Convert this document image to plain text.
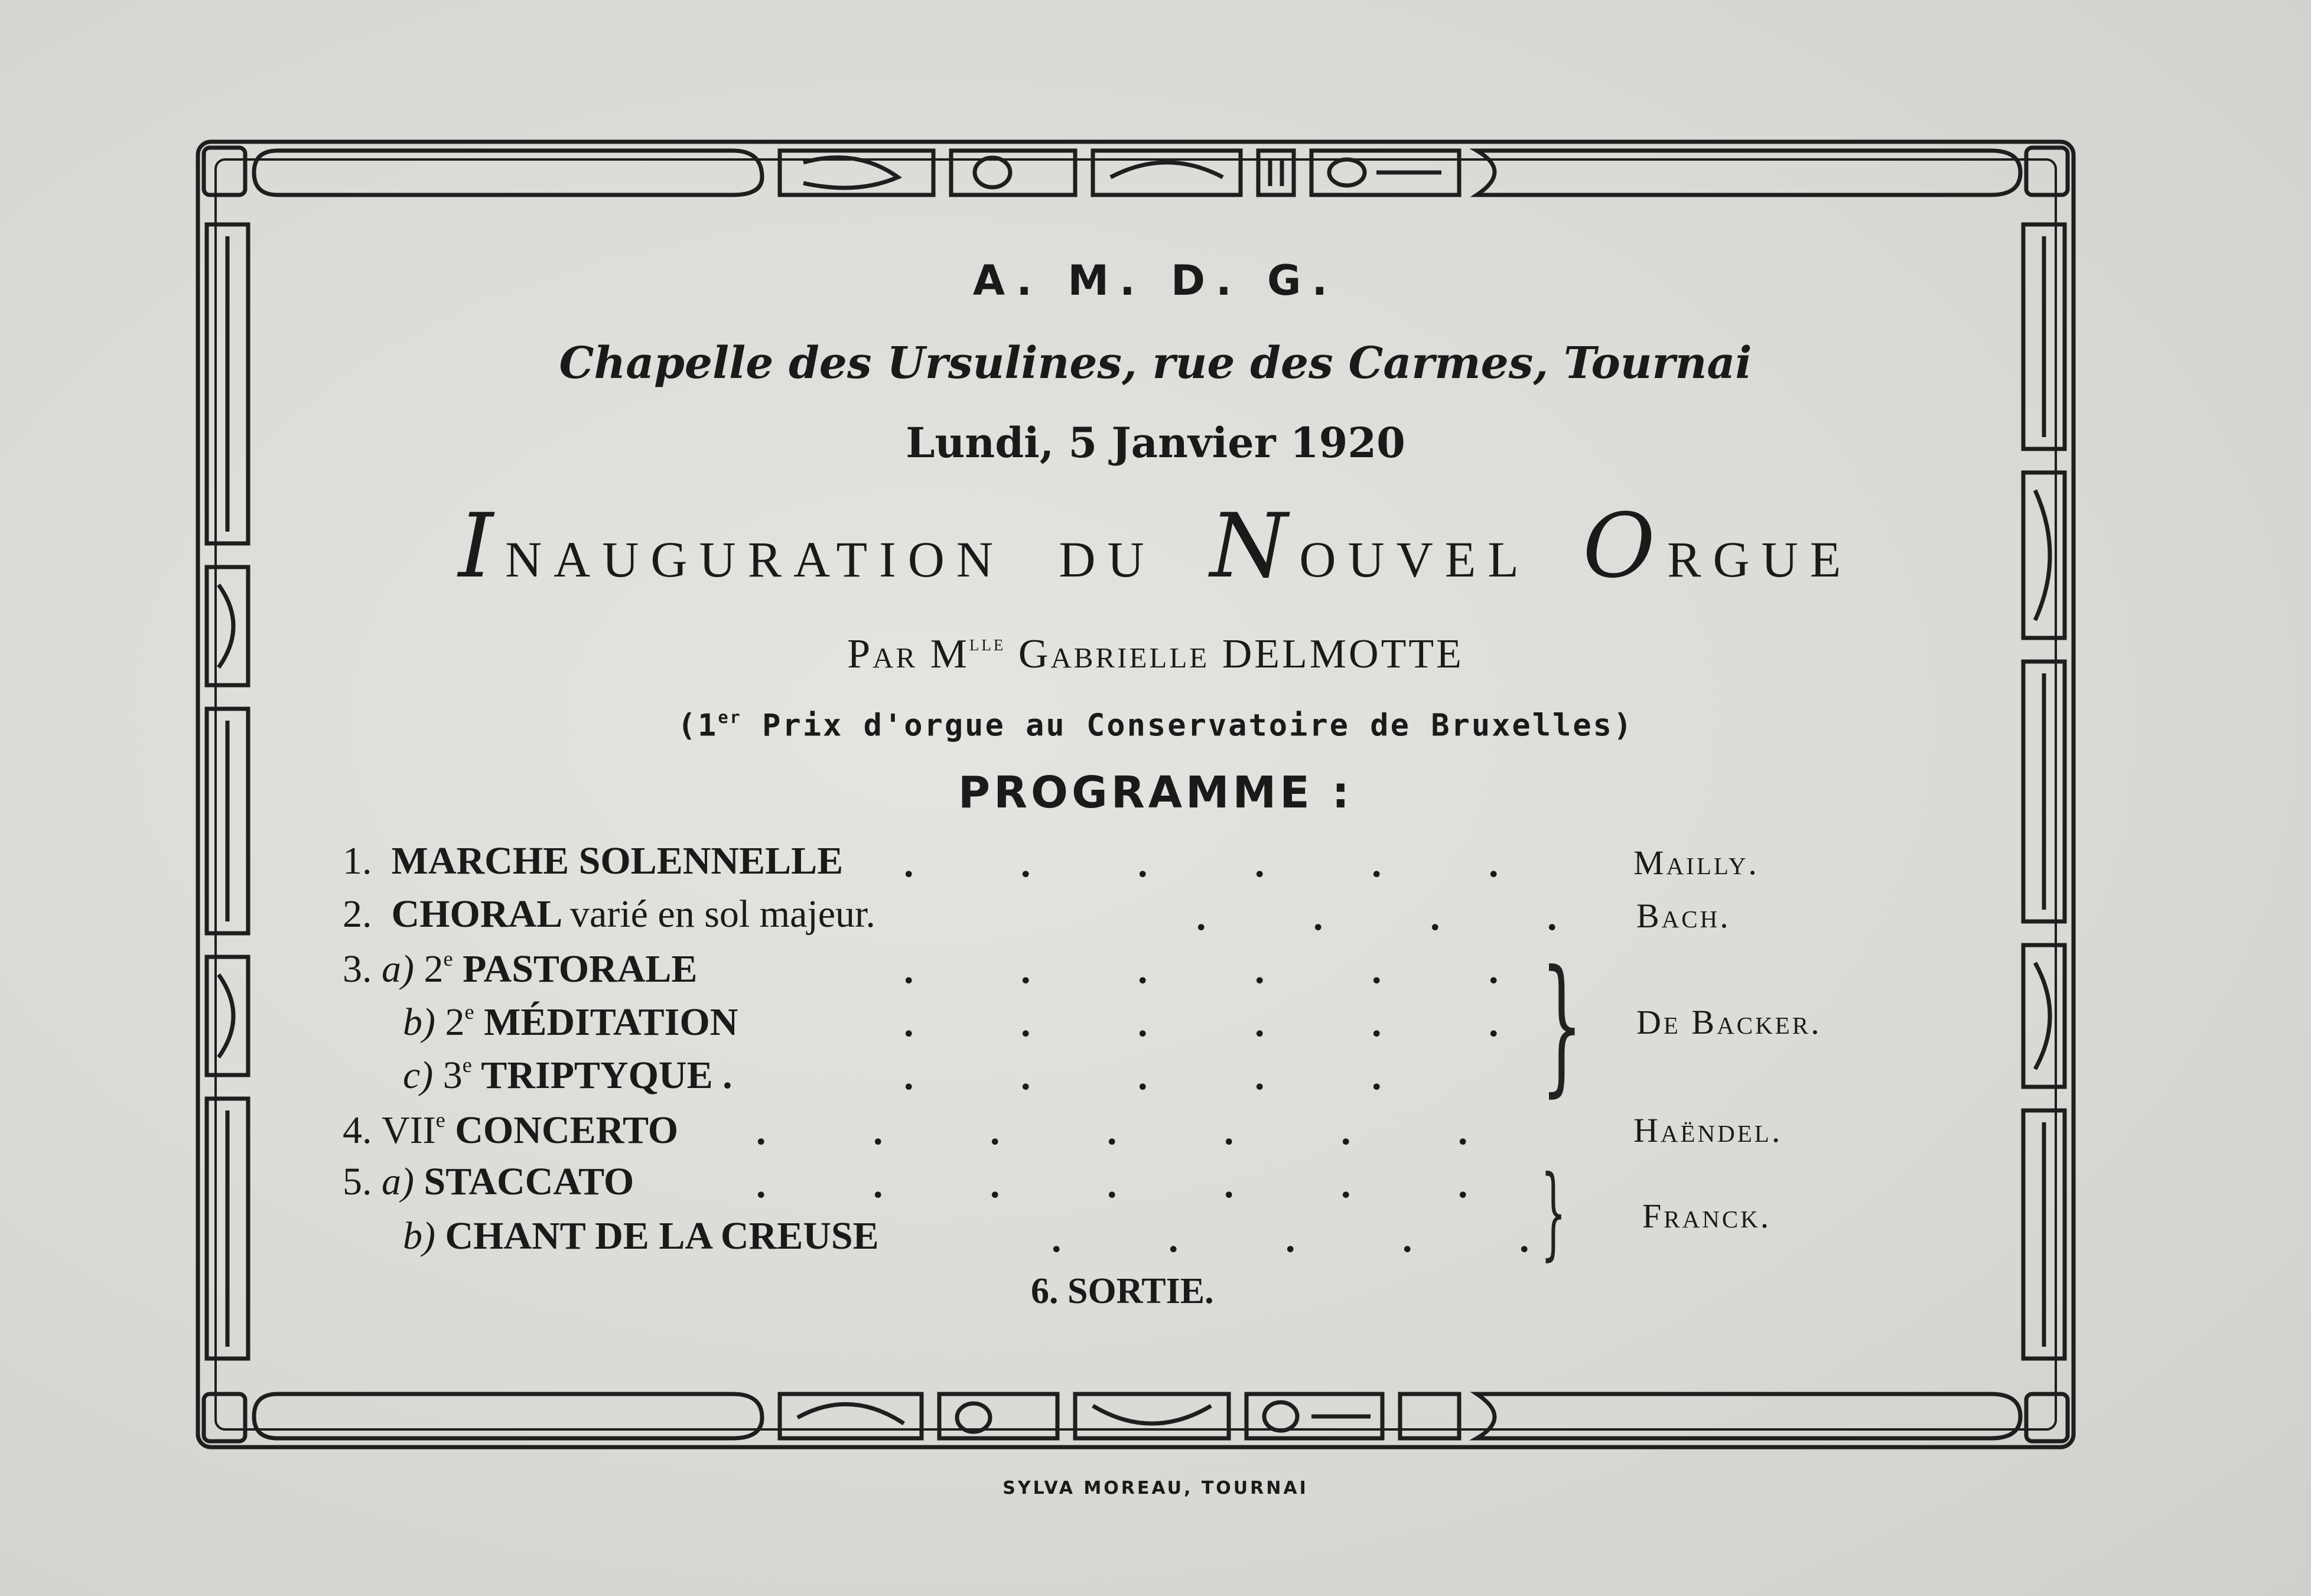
A. M. D. G.
Chapelle des Ursulines, rue des Carmes, Tournai
Lundi, 5 Janvier 1920
INAUGURATION DU NOUVEL ORGUE
Par $M^{lle}$ Gabrielle DELMOTTE
(1er Prix d'orgue au Conservatoire de Bruxelles)
PROGRAMME :
1. MARCHE SOLENNELLE .           .           .           .           .           .	Mailly.
2. CHORAL varié en sol majeur.	.           .           .           . Bach.
3. a) 2e PASTORALE	.           .           .           .           .           .
b) 2e MÉDITATION	.           .           .           .           .           .
c) 3e TRIPTYQUE .	.           .           .           .           . } De Backer.
4. VIIe CONCERTO .           .           .           .           .           .           .	Haëndel.
5. a) STACCATO	.           .           .           .           .           .           .
b) CHANT DE LA CREUSE	.           .           .           .           . } Franck.
6. SORTIE.
SYLVA MOREAU, TOURNAI
